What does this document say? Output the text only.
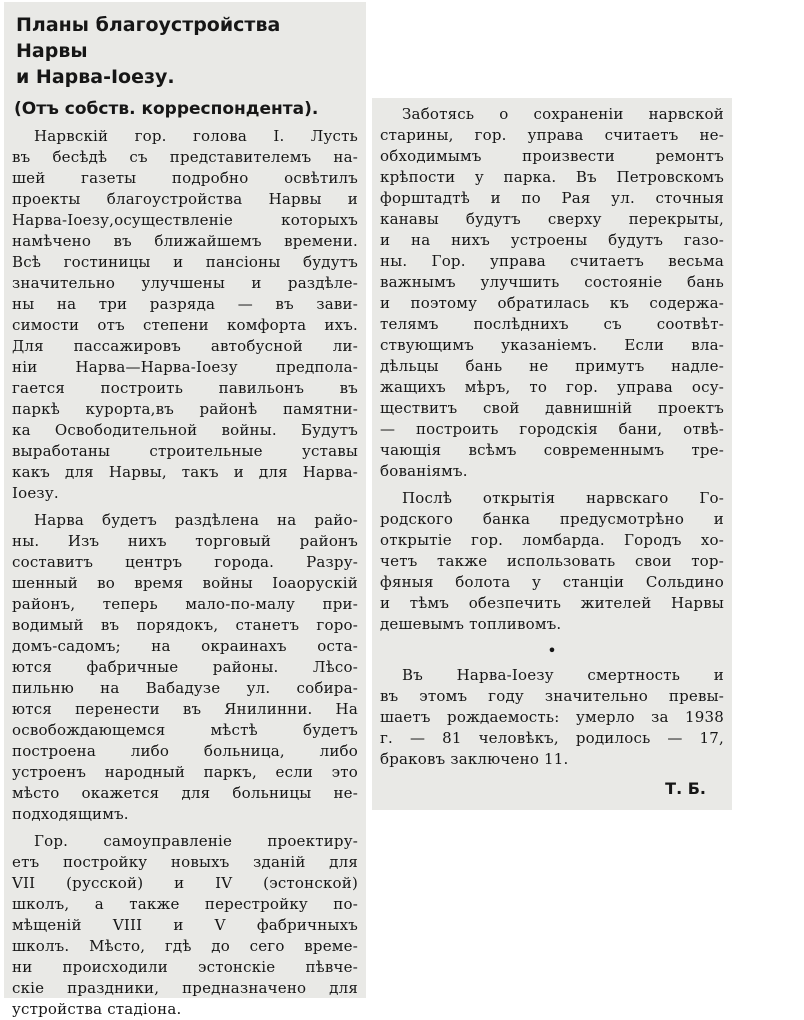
Планы благоустройства Нарвы
и Нарва-Іоезу.
(Отъ собств. корреспондента).
Нарвскій гор. голова І. Лусть
въ бесѣдѣ съ представителемъ на-
шей газеты подробно освѣтилъ
проекты благоустройства Нарвы и
Нарва-Іоезу,осуществленіе которыхъ
намѣчено въ ближайшемъ времени.
Всѣ гостиницы и пансіоны будутъ
значительно улучшены и раздѣле-
ны на три разряда — въ зави-
симости отъ степени комфорта ихъ.
Для пассажировъ автобусной ли-
ніи Нарва—Нарва-Іоезу предпола-
гается построить павильонъ въ
паркѣ курорта,въ районѣ памятни-
ка Освободительной войны. Будутъ
выработаны строительные уставы
какъ для Нарвы, такъ и для Нарва-
Іоезу.
Нарва будетъ раздѣлена на райо-
ны. Изъ нихъ торговый районъ
составитъ центръ города. Разру-
шенный во время войны Іоаорускій
районъ, теперь мало-по-малу при-
водимый въ порядокъ, станетъ горо-
домъ-садомъ; на окраинахъ оста-
ются фабричные районы. Лѣсо-
пильню на Вабадузе ул. собира-
ются перенести въ Янилинни. На
освобождающемся мѣстѣ будетъ
построена либо больница, либо
устроенъ народный паркъ, если это
мѣсто окажется для больницы не-
подходящимъ.
Гор. самоуправленіе проектиру-
етъ постройку новыхъ зданій для
VII (русской) и IV (эстонской)
школъ, а также перестройку по-
мѣщеній VIII и V фабричныхъ
школъ. Мѣсто, гдѣ до сего време-
ни происходили эстонскіе пѣвче-
скіе праздники, предназначено для
устройства стадіона.
Заботясь о сохраненіи нарвской
старины, гор. управа считаетъ не-
обходимымъ произвести ремонтъ
крѣпости у парка. Въ Петровскомъ
форштадтѣ и по Рая ул. сточныя
канавы будутъ сверху перекрыты,
и на нихъ устроены будутъ газо-
ны. Гор. управа считаетъ весьма
важнымъ улучшить состояніе бань
и поэтому обратилась къ содержа-
телямъ послѣднихъ съ соотвѣт-
ствующимъ указаніемъ. Если вла-
дѣльцы бань не примутъ надле-
жащихъ мѣръ, то гор. управа осу-
ществитъ свой давнишній проектъ
— построить городскія бани, отвѣ-
чающія всѣмъ современнымъ тре-
бованіямъ.
Послѣ открытія нарвскаго Го-
родского банка предусмотрѣно и
открытіе гор. ломбарда. Городъ хо-
четъ также использовать свои тор-
фяныя болота у станціи Сольдино
и тѣмъ обезпечить жителей Нарвы
дешевымъ топливомъ.
•
Въ Нарва-Іоезу смертность и
въ этомъ году значительно превы-
шаетъ рождаемость: умерло за 1938
г. — 81 человѣкъ, родилось — 17,
браковъ заключено 11.
Т. Б.
